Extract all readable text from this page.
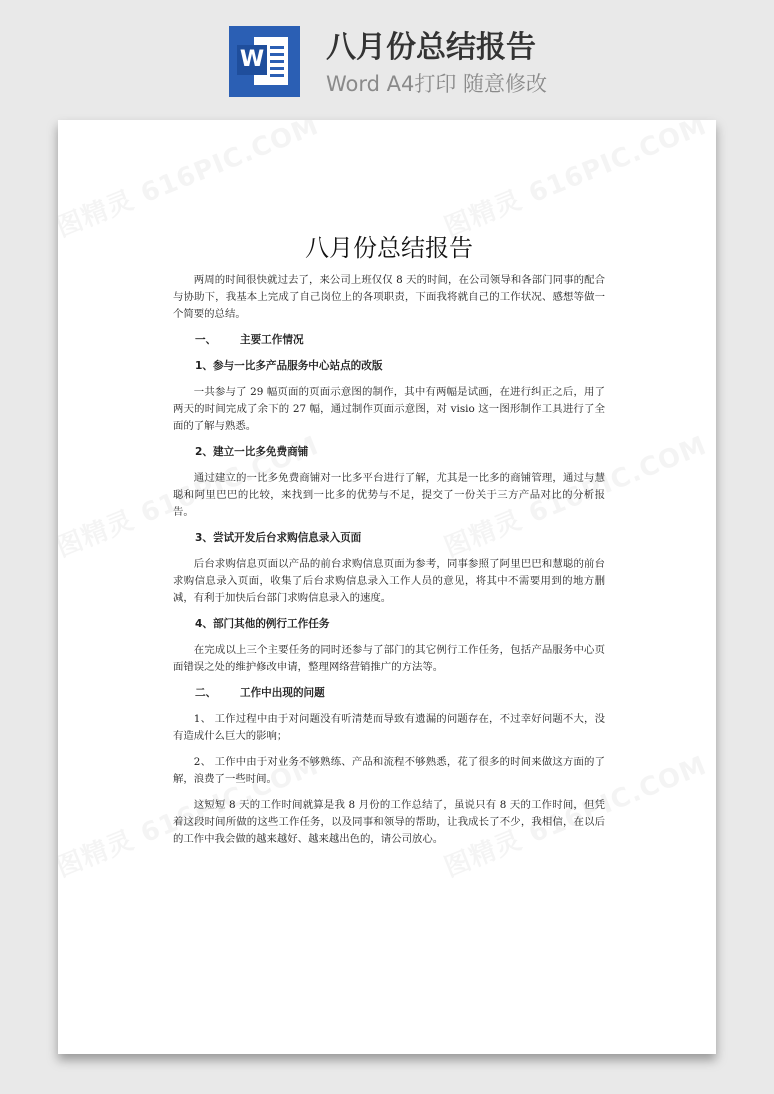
W 八月份总结报告
Word A4打印 随意修改
八月份总结报告

两周的时间很快就过去了，来公司上班仅仅 8 天的时间，在公司领导和各部门同事的配合与协助下，我基本上完成了自己岗位上的各项职责，下面我将就自己的工作状况、感想等做一个简要的总结。

一、 主要工作情况
1、参与一比多产品服务中心站点的改版

一共参与了 29 幅页面的页面示意图的制作，其中有两幅是试画，在进行纠正之后，用了两天的时间完成了余下的 27 幅，通过制作页面示意图，对 visio 这一图形制作工具进行了全面的了解与熟悉。

2、建立一比多免费商铺

通过建立的一比多免费商铺对一比多平台进行了解，尤其是一比多的商铺管理，通过与慧聪和阿里巴巴的比较，来找到一比多的优势与不足，提交了一份关于三方产品对比的分析报告。

3、尝试开发后台求购信息录入页面

后台求购信息页面以产品的前台求购信息页面为参考，同事参照了阿里巴巴和慧聪的前台求购信息录入页面，收集了后台求购信息录入工作人员的意见，将其中不需要用到的地方删减，有利于加快后台部门求购信息录入的速度。

4、部门其他的例行工作任务

在完成以上三个主要任务的同时还参与了部门的其它例行工作任务，包括产品服务中心页面错误之处的维护修改申请，整理网络营销推广的方法等。

二、 工作中出现的问题

1、 工作过程中由于对问题没有听清楚而导致有遗漏的问题存在，不过幸好问题不大，没有造成什么巨大的影响；

2、 工作中由于对业务不够熟练、产品和流程不够熟悉，花了很多的时间来做这方面的了解，浪费了一些时间。

这短短 8 天的工作时间就算是我 8 月份的工作总结了，虽说只有 8 天的工作时间，但凭着这段时间所做的这些工作任务，以及同事和领导的帮助，让我成长了不少，我相信，在以后的工作中我会做的越来越好、越来越出色的，请公司放心。
